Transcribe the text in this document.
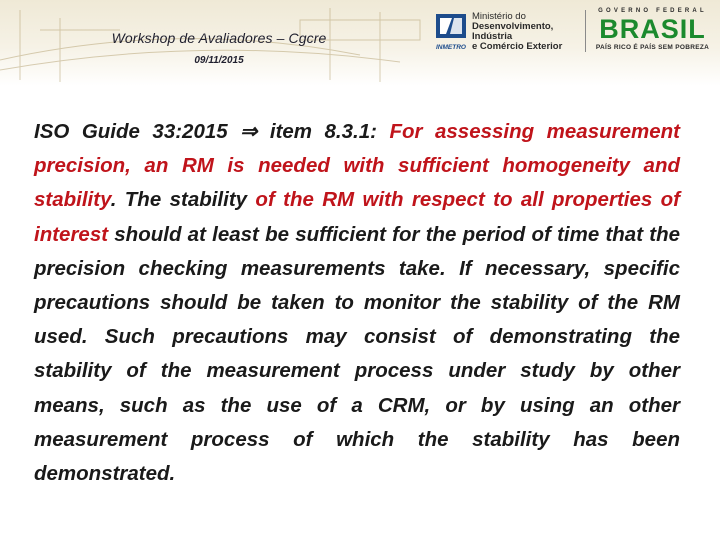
Workshop de Avaliadores – Cgcre
09/11/2015
INMETRO
Ministério do
Desenvolvimento, Indústria
e Comércio Exterior
GOVERNO FEDERAL
BRASIL
PAÍS RICO É PAÍS SEM POBREZA
ISO Guide 33:2015 ⇒ item 8.3.1: For assessing measurement precision, an RM is needed with sufficient homogeneity and stability. The stability of the RM with respect to all properties of interest should at least be sufficient for the period of time that the precision checking measurements take. If necessary, specific precautions should be taken to monitor the stability of the RM used. Such precautions may consist of demonstrating the stability of the measurement process under study by other means, such as the use of a CRM, or by using an other measurement process of which the stability has been demonstrated.
